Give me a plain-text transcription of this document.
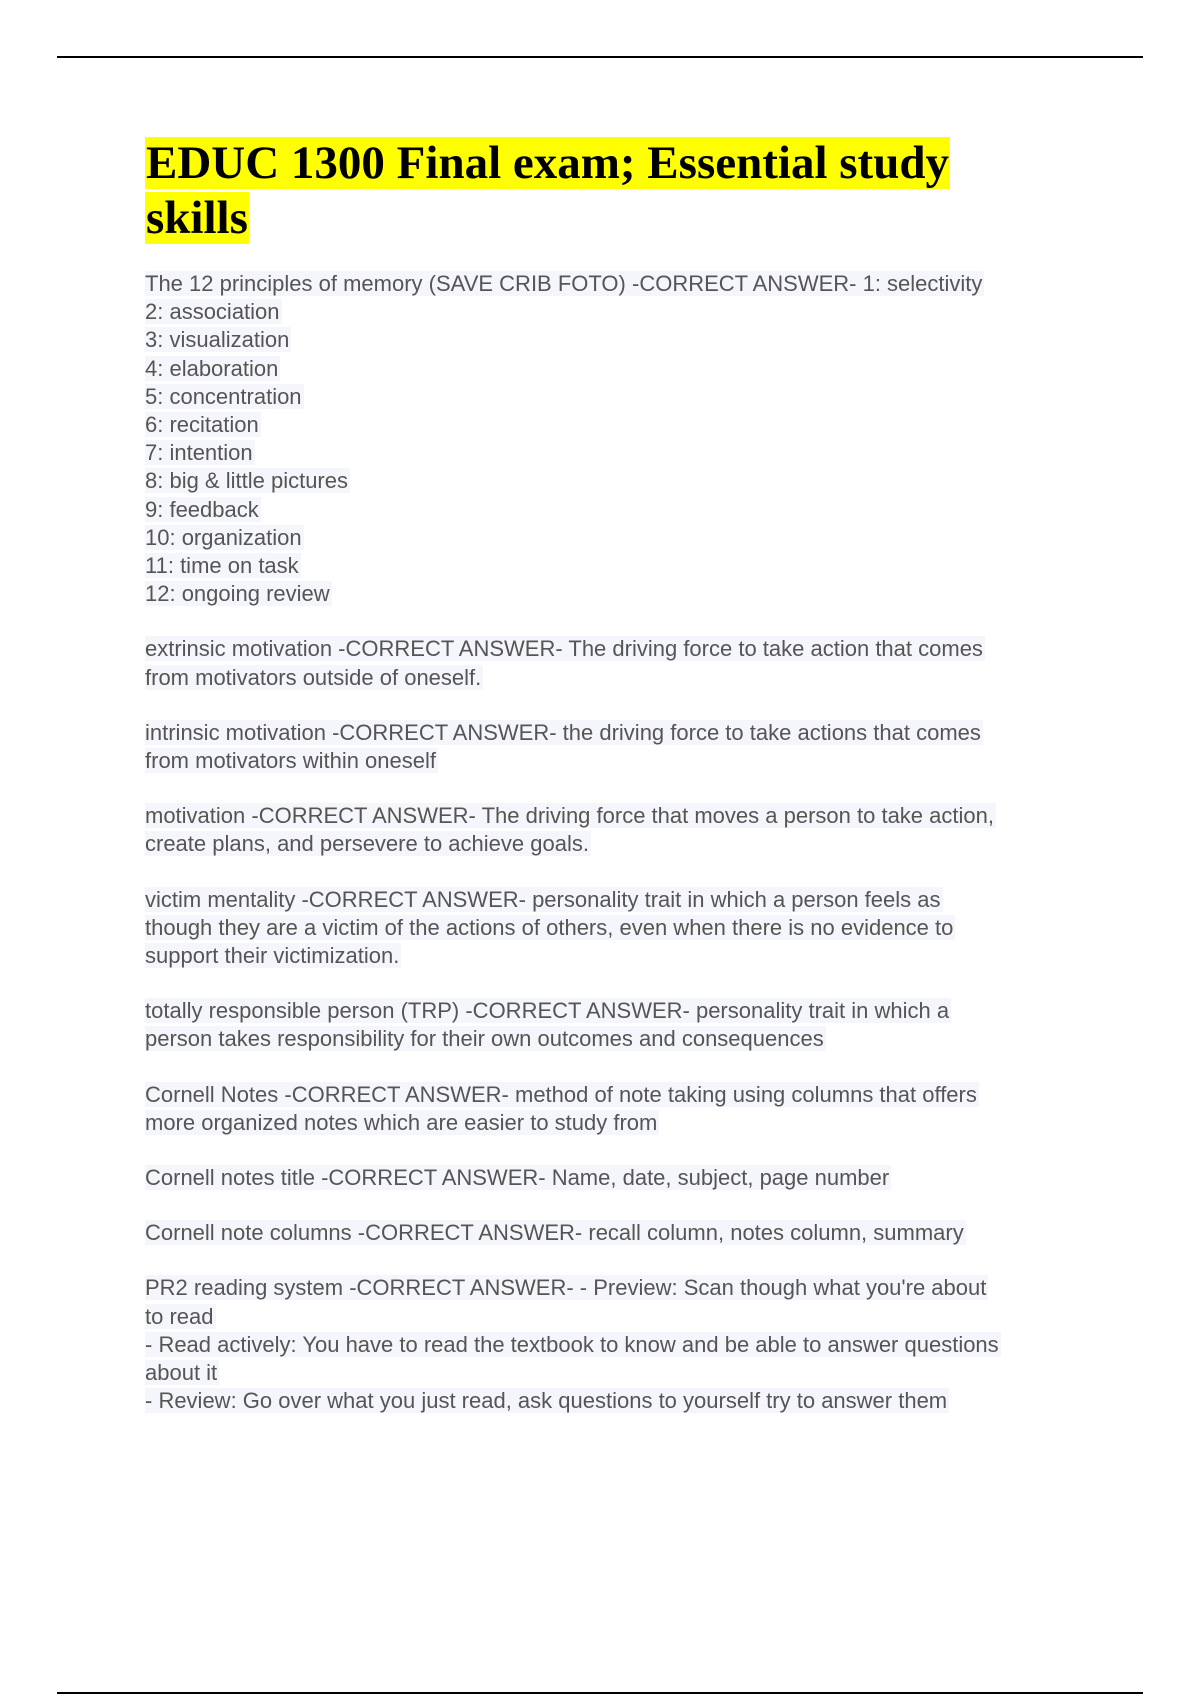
EDUC 1300 Final exam; Essential study
skills
The 12 principles of memory (SAVE CRIB FOTO) -CORRECT ANSWER- 1: selectivity
2: association
3: visualization
4: elaboration
5: concentration
6: recitation
7: intention
8: big & little pictures
9: feedback
10: organization
11: time on task
12: ongoing review
extrinsic motivation -CORRECT ANSWER- The driving force to take action that comes
from motivators outside of oneself.
intrinsic motivation -CORRECT ANSWER- the driving force to take actions that comes
from motivators within oneself
motivation -CORRECT ANSWER- The driving force that moves a person to take action,
create plans, and persevere to achieve goals.
victim mentality -CORRECT ANSWER- personality trait in which a person feels as
though they are a victim of the actions of others, even when there is no evidence to
support their victimization.
totally responsible person (TRP) -CORRECT ANSWER- personality trait in which a
person takes responsibility for their own outcomes and consequences
Cornell Notes -CORRECT ANSWER- method of note taking using columns that offers
more organized notes which are easier to study from
Cornell notes title -CORRECT ANSWER- Name, date, subject, page number
Cornell note columns -CORRECT ANSWER- recall column, notes column, summary
PR2 reading system -CORRECT ANSWER- - Preview: Scan though what you're about
to read
- Read actively: You have to read the textbook to know and be able to answer questions
about it
- Review: Go over what you just read, ask questions to yourself try to answer them
